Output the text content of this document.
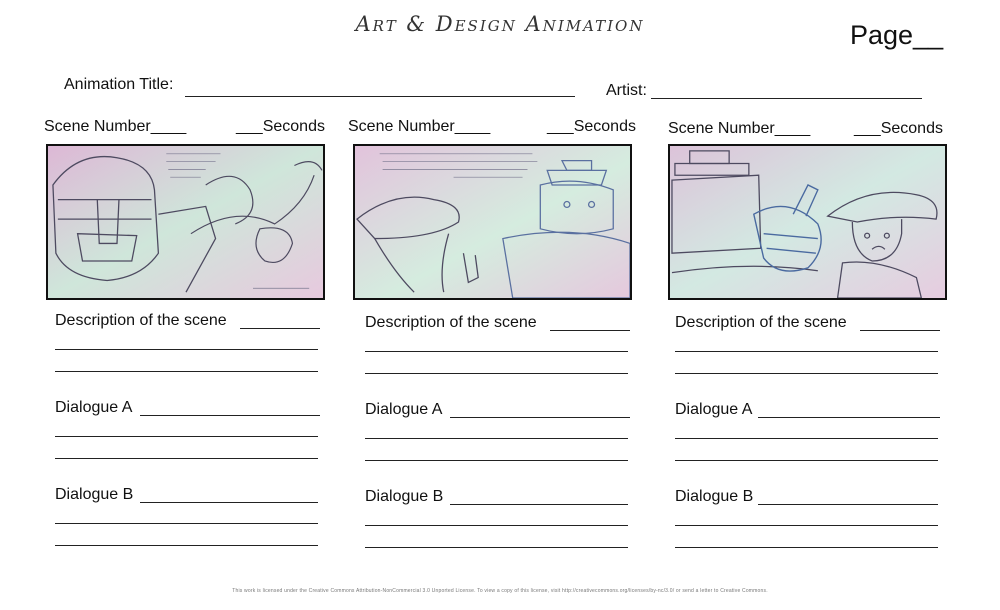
Art & Design Animation	Page__
Animation Title:	Artist:
Scene Number____	___Seconds
Description of the scene
Dialogue A
Dialogue B
Scene Number____	___Seconds
Description of the scene
Dialogue A
Dialogue B
Scene Number____	___Seconds
Description of the scene
Dialogue A
Dialogue B
This work is licensed under the Creative Commons Attribution-NonCommercial 3.0 Unported License. To view a copy of this license, visit http://creativecommons.org/licenses/by-nc/3.0/ or send a letter to Creative Commons.
